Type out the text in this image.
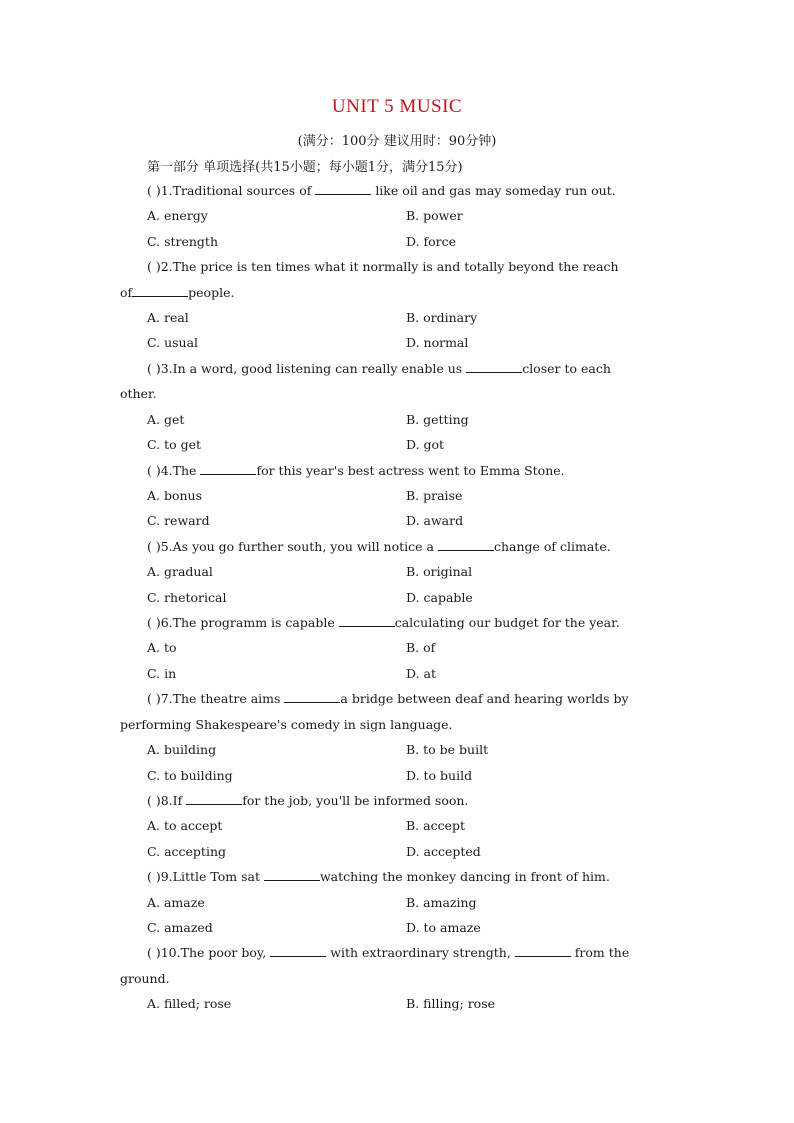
UNIT 5 MUSIC
(满分：100分 建议用时：90分钟)
第一部分 单项选择(共15小题；每小题1分，满分15分)
( )1.Traditional sources of	like oil and gas may someday run out.
A. energy	B. power
C. strength	D. force
( )2.The price is ten times what it normally is and totally beyond the reach
of	people.
A. real	B. ordinary
C. usual	D. normal
( )3.In a word, good listening can really enable us	closer to each
other.
A. get	B. getting
C. to get	D. got
( )4.The	for this year's best actress went to Emma Stone.
A. bonus	B. praise
C. reward	D. award
( )5.As you go further south, you will notice a	change of climate.
A. gradual	B. original
C. rhetorical	D. capable
( )6.The programm is capable	calculating our budget for the year.
A. to	B. of
C. in	D. at
( )7.The theatre aims	a bridge between deaf and hearing worlds by
performing Shakespeare's comedy in sign language.
A. building	B. to be built
C. to building	D. to build
( )8.If	for the job, you'll be informed soon.
A. to accept	B. accept
C. accepting	D. accepted
( )9.Little Tom sat	watching the monkey dancing in front of him.
A. amaze	B. amazing
C. amazed	D. to amaze
( )10.The poor boy,	with extraordinary strength,	from the
ground.
A. filled; rose	B. filling; rose
